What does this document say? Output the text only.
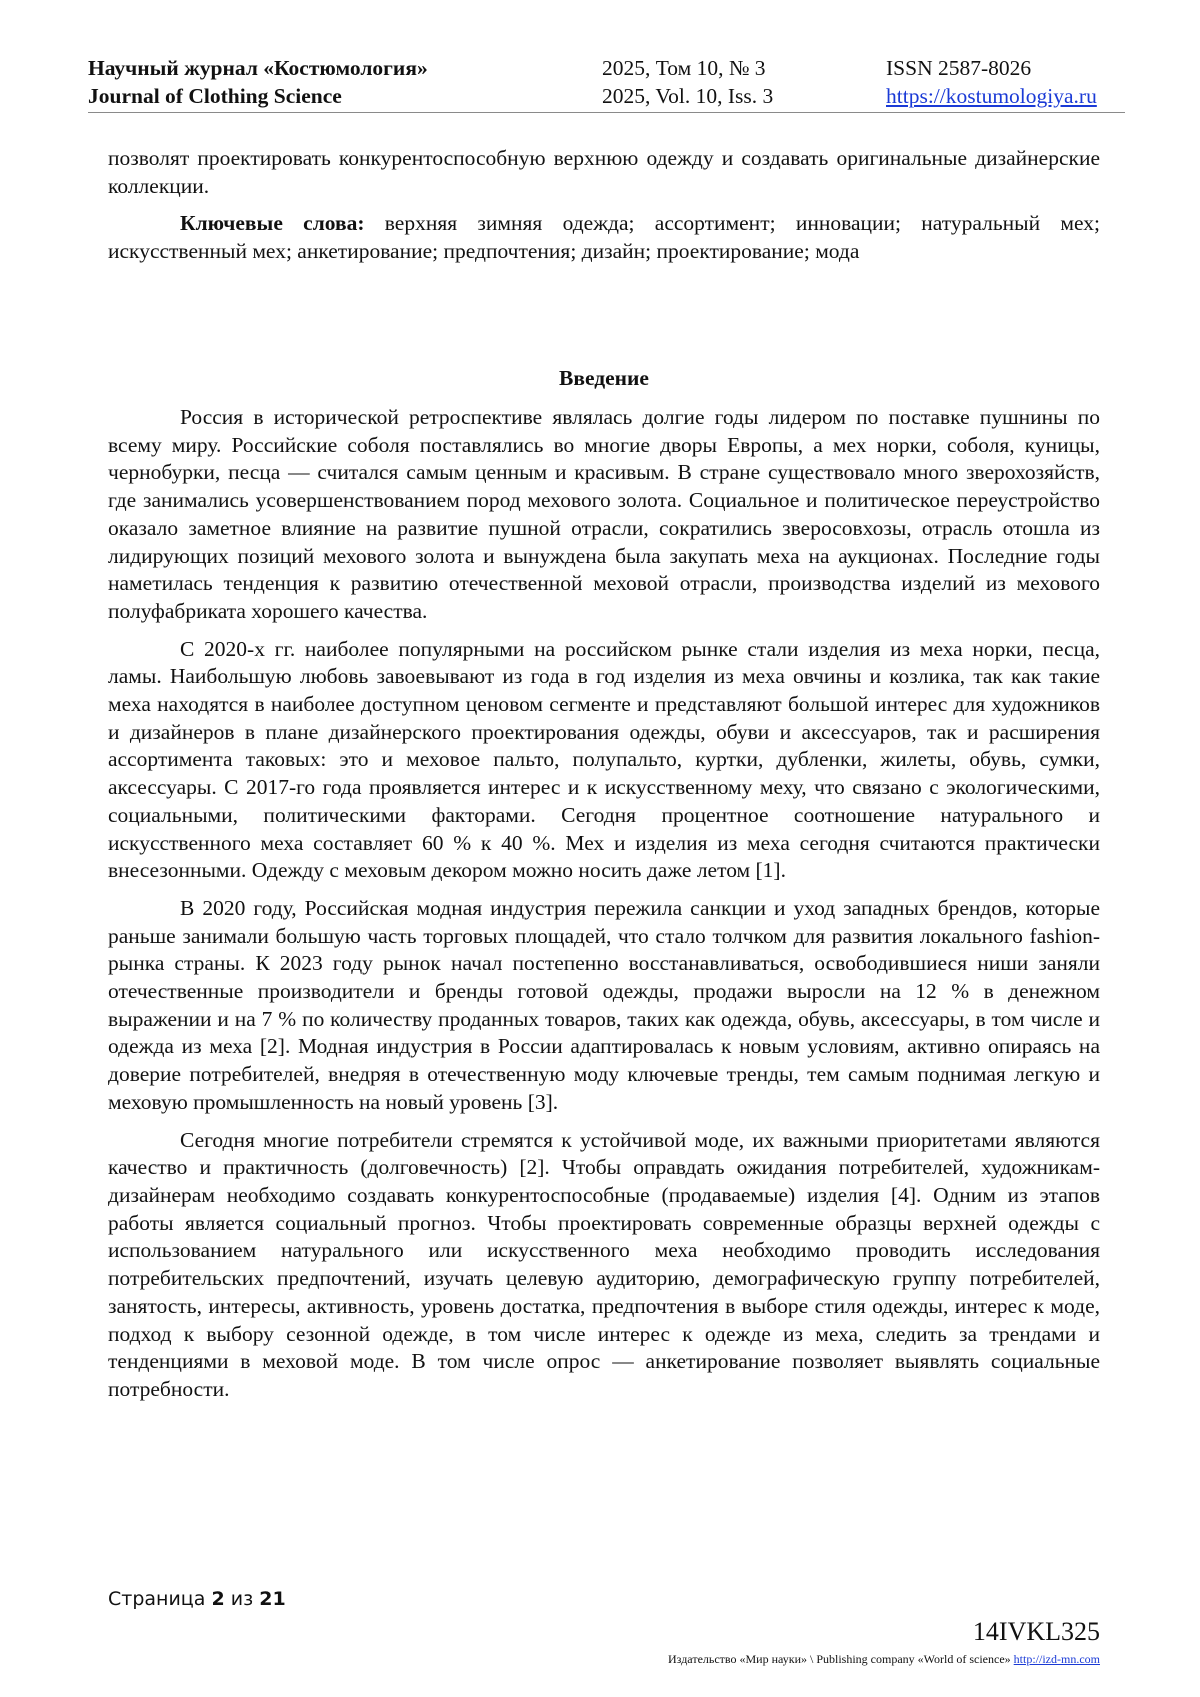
Научный журнал «Костюмология»
Journal of Clothing Science
2025, Том 10, № 3
2025, Vol. 10, Iss. 3
ISSN 2587-8026
https://kostumologiya.ru

позволят проектировать конкурентоспособную верхнюю одежду и создавать оригинальные дизайнерские коллекции.

Ключевые слова: верхняя зимняя одежда; ассортимент; инновации; натуральный мех; искусственный мех; анкетирование; предпочтения; дизайн; проектирование; мода

Введение

Россия в исторической ретроспективе являлась долгие годы лидером по поставке пушнины по всему миру. Российские соболя поставлялись во многие дворы Европы, а мех норки, соболя, куницы, чернобурки, песца — считался самым ценным и красивым. В стране существовало много зверохозяйств, где занимались усовершенствованием пород мехового золота. Социальное и политическое переустройство оказало заметное влияние на развитие пушной отрасли, сократились зверосовхозы, отрасль отошла из лидирующих позиций мехового золота и вынуждена была закупать меха на аукционах. Последние годы наметилась тенденция к развитию отечественной меховой отрасли, производства изделий из мехового полуфабриката хорошего качества.

С 2020-х гг. наиболее популярными на российском рынке стали изделия из меха норки, песца, ламы. Наибольшую любовь завоевывают из года в год изделия из меха овчины и козлика, так как такие меха находятся в наиболее доступном ценовом сегменте и представляют большой интерес для художников и дизайнеров в плане дизайнерского проектирования одежды, обуви и аксессуаров, так и расширения ассортимента таковых: это и меховое пальто, полупальто, куртки, дубленки, жилеты, обувь, сумки, аксессуары. С 2017-го года проявляется интерес и к искусственному меху, что связано с экологическими, социальными, политическими факторами. Сегодня процентное соотношение натурального и искусственного меха составляет 60 % к 40 %. Мех и изделия из меха сегодня считаются практически внесезонными. Одежду с меховым декором можно носить даже летом [1].

В 2020 году, Российская модная индустрия пережила санкции и уход западных брендов, которые раньше занимали большую часть торговых площадей, что стало толчком для развития локального fashion-рынка страны. К 2023 году рынок начал постепенно восстанавливаться, освободившиеся ниши заняли отечественные производители и бренды готовой одежды, продажи выросли на 12 % в денежном выражении и на 7 % по количеству проданных товаров, таких как одежда, обувь, аксессуары, в том числе и одежда из меха [2]. Модная индустрия в России адаптировалась к новым условиям, активно опираясь на доверие потребителей, внедряя в отечественную моду ключевые тренды, тем самым поднимая легкую и меховую промышленность на новый уровень [3].

Сегодня многие потребители стремятся к устойчивой моде, их важными приоритетами являются качество и практичность (долговечность) [2]. Чтобы оправдать ожидания потребителей, художникам-дизайнерам необходимо создавать конкурентоспособные (продаваемые) изделия [4]. Одним из этапов работы является социальный прогноз. Чтобы проектировать современные образцы верхней одежды с использованием натурального или искусственного меха необходимо проводить исследования потребительских предпочтений, изучать целевую аудиторию, демографическую группу потребителей, занятость, интересы, активность, уровень достатка, предпочтения в выборе стиля одежды, интерес к моде, подход к выбору сезонной одежде, в том числе интерес к одежде из меха, следить за трендами и тенденциями в меховой моде. В том числе опрос — анкетирование позволяет выявлять социальные потребности.

Страница 2 из 21
14IVKL325
Издательство «Мир науки» \ Publishing company «World of science» http://izd-mn.com
